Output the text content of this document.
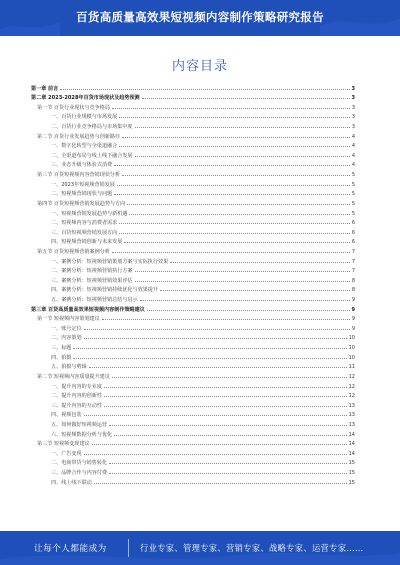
百货高质量高效果短视频内容制作策略研究报告
内容目录
第一章 前言	3
第二章 2023-2028年百货市场现状及趋势预测	3
第一节 百货行业现状与竞争格局	3
一、百货行业规模与市场发展	3
二、百货行业竞争格局与市场集中度	3
第二节 百货行业发展趋势与创新路径	4
一、数字化转型与全渠道融合	4
二、全渠道布局与线上线下融合发展	4
三、业态升级与体验式消费	4
第三节 百货短视频内容营销现状分析	5
一、2023年短视频营销发展	5
二、短视频营销现状与问题	5
第四节 百货短视频营销发展趋势与方向	5
一、短视频营销发展趋势与新机遇	5
二、短视频内容与消费者需求	6
三、百货短视频营销发展方向	6
四、短视频营销创新与未来发展	6
第五节 百货短视频营销案例分析	7
一、案例分析：短视频营销策划方案与实际执行效果	7
二、案例分析：短视频营销执行方案	7
三、案例分析：短视频营销效果评估	8
四、案例分析：短视频营销持续优化与效果提升	8
五、案例分析：短视频营销总结与启示	9
第三章 百货高质量高效果短视频内容制作策略建议	9
第一节 短视频内容策划建议	9
一、账号定位	9
二、内容策划	10
三、标题	10
四、拍摄	10
五、拍摄与剪辑	11
第二节 短视频内容质量提升建议	12
一、提升内容的专业度	12
二、提升内容的创新性	12
三、提升内容的互动性	13
四、视频包装	13
五、如何做好短视频运营	13
六、短视频数据分析与优化	14
第三节 短视频变现建议	14
一、广告变现	14
二、电商带货与销售转化	15
三、品牌合作与内容付费	15
四、线上线下联动	15
让每个人都能成为	行业专家、管理专家、营销专家、战略专家、运营专家……
